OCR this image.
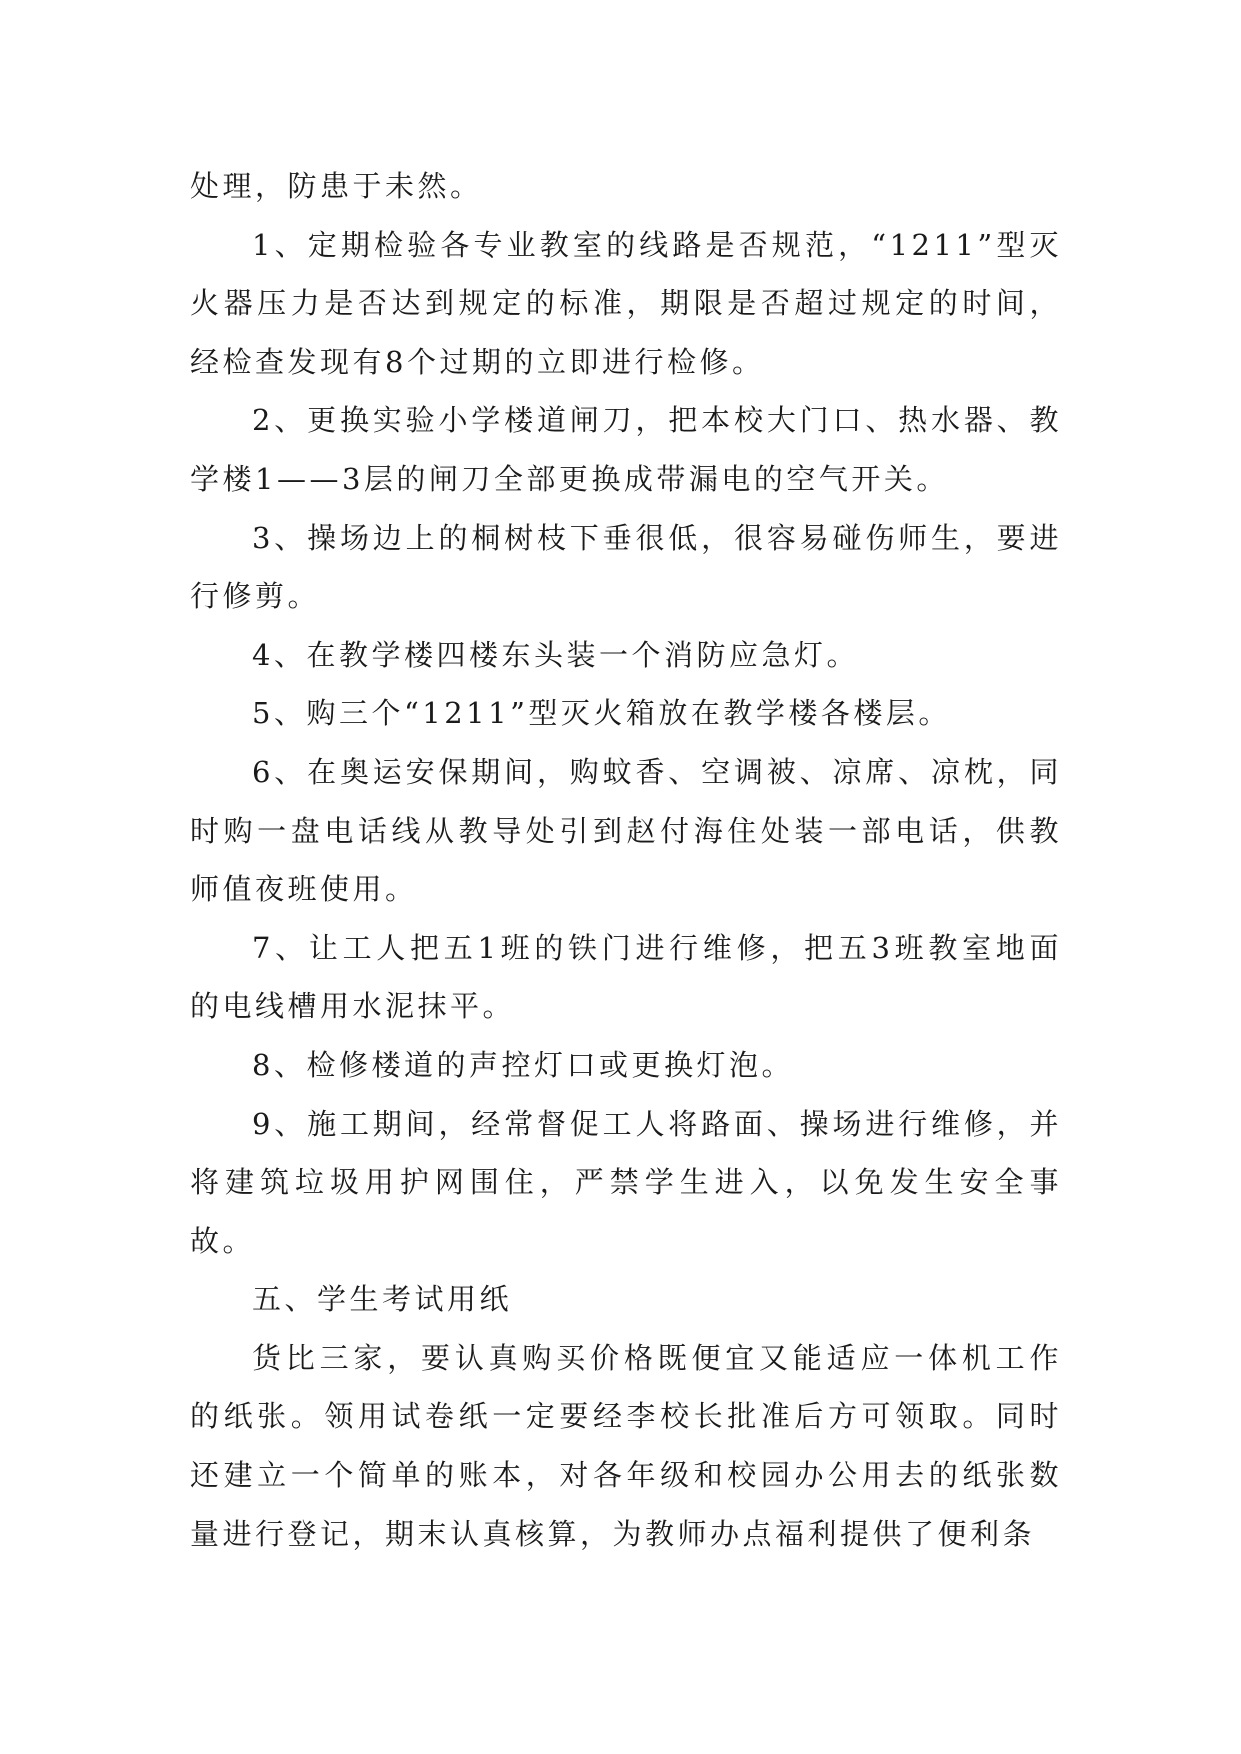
处理，防患于未然。

1、定期检验各专业教室的线路是否规范，“1211”型灭火器压力是否达到规定的标准，期限是否超过规定的时间，经检查发现有8个过期的立即进行检修。

2、更换实验小学楼道闸刀，把本校大门口、热水器、教学楼1——3层的闸刀全部更换成带漏电的空气开关。

3、操场边上的桐树枝下垂很低，很容易碰伤师生，要进行修剪。

4、在教学楼四楼东头装一个消防应急灯。

5、购三个“1211”型灭火箱放在教学楼各楼层。

6、在奥运安保期间，购蚊香、空调被、凉席、凉枕，同时购一盘电话线从教导处引到赵付海住处装一部电话，供教师值夜班使用。

7、让工人把五1班的铁门进行维修，把五3班教室地面的电线槽用水泥抹平。

8、检修楼道的声控灯口或更换灯泡。

9、施工期间，经常督促工人将路面、操场进行维修，并将建筑垃圾用护网围住，严禁学生进入，以免发生安全事故。

五、学生考试用纸

货比三家，要认真购买价格既便宜又能适应一体机工作的纸张。领用试卷纸一定要经李校长批准后方可领取。同时还建立一个简单的账本，对各年级和校园办公用去的纸张数量进行登记，期末认真核算，为教师办点福利提供了便利条
